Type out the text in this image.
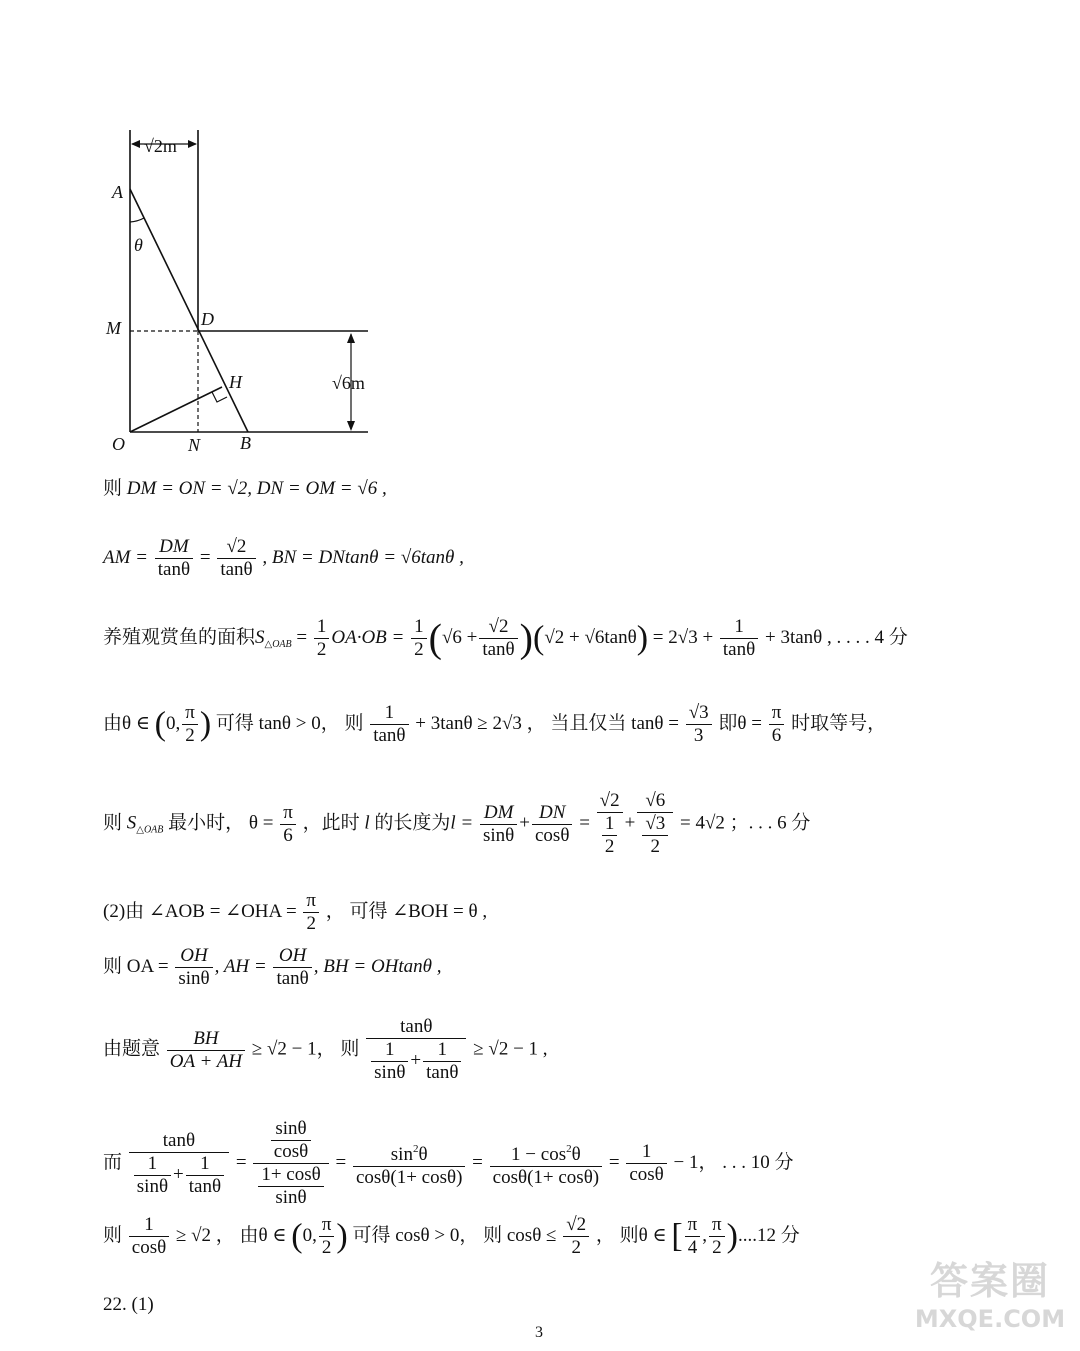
√2m
√6m
θ
A
M	D
H
O	N B
则 DM = ON = √2, DN = OM = √6 ,
AM = $\frac{DM}{\tan\theta} = \frac{√2}{\tan\theta}$ , BN = DNtanθ = √6tanθ ,
养殖观赏鱼的面积$S_{\triangle OAB} = \frac{1}{2} OA\cdot OB = \frac{1}{2} (√6 + \frac{√2}{\tan\theta} )(√2 + √6\tan\theta) = 2√3 + \frac{1}{\tan\theta} + 3\tan\theta$ , . . . . 4 分
由θ ∈ (0, $\frac{\pi}{2}$ ) 可得 tanθ > 0， 则 $\frac{1}{\tan\theta} + 3\tan\theta \ge 2√3$ ， 当且仅当 $\tan\theta = \frac{√3}{3}$ 即$\theta = \frac{\pi}{6}$ 时取等号，
则 $S_{\triangle OAB}$ 最小时， $\theta = \frac{\pi}{6}$ ，此时 l 的长度为$l = \frac{DM}{\sin\theta} + \frac{DN}{\cos\theta} = \frac{√2}{\frac{1}{2}} + \frac{√6}{\frac{√3}{2}} = 4√2$ ；. . . 6 分
(2)由 ∠AOB = ∠OHA = $\frac{\pi}{2}$ ， 可得 ∠BOH = θ ,
则 OA = $\frac{OH}{\sin\theta}$ , AH = $\frac{OH}{\tan\theta}$ , BH = OHtanθ ,
由题意 $\frac{BH}{OA + AH} \ge √2 - 1$， 则 $\frac{\tan\theta}{\frac{1}{\sin\theta} + \frac{1}{\tan\theta}} \ge √2 - 1$ ,
而 $\frac{\tan\theta}{\frac{1}{\sin\theta} + \frac{1}{\tan\theta}} = \frac{\frac{\sin\theta}{\cos\theta}}{\frac{1+ \cos\theta}{\sin\theta}} = \frac{\sin^2\theta}{\cos\theta(1+ \cos\theta)} = \frac{1 - \cos^2\theta}{\cos\theta(1+ \cos\theta)} = \frac{1}{\cos\theta} - 1$， . . . 10 分
则 $\frac{1}{\cos\theta} \ge √2$ ， 由θ ∈ (0, $\frac{\pi}{2}$ ) 可得 cosθ > 0， 则 $\cos\theta \le \frac{√2}{2}$ ， 则θ ∈ [ $\frac{\pi}{4}$ , $\frac{\pi}{2} )....12$ 分
22. (1)
3
答案圈
MXQE.COM
